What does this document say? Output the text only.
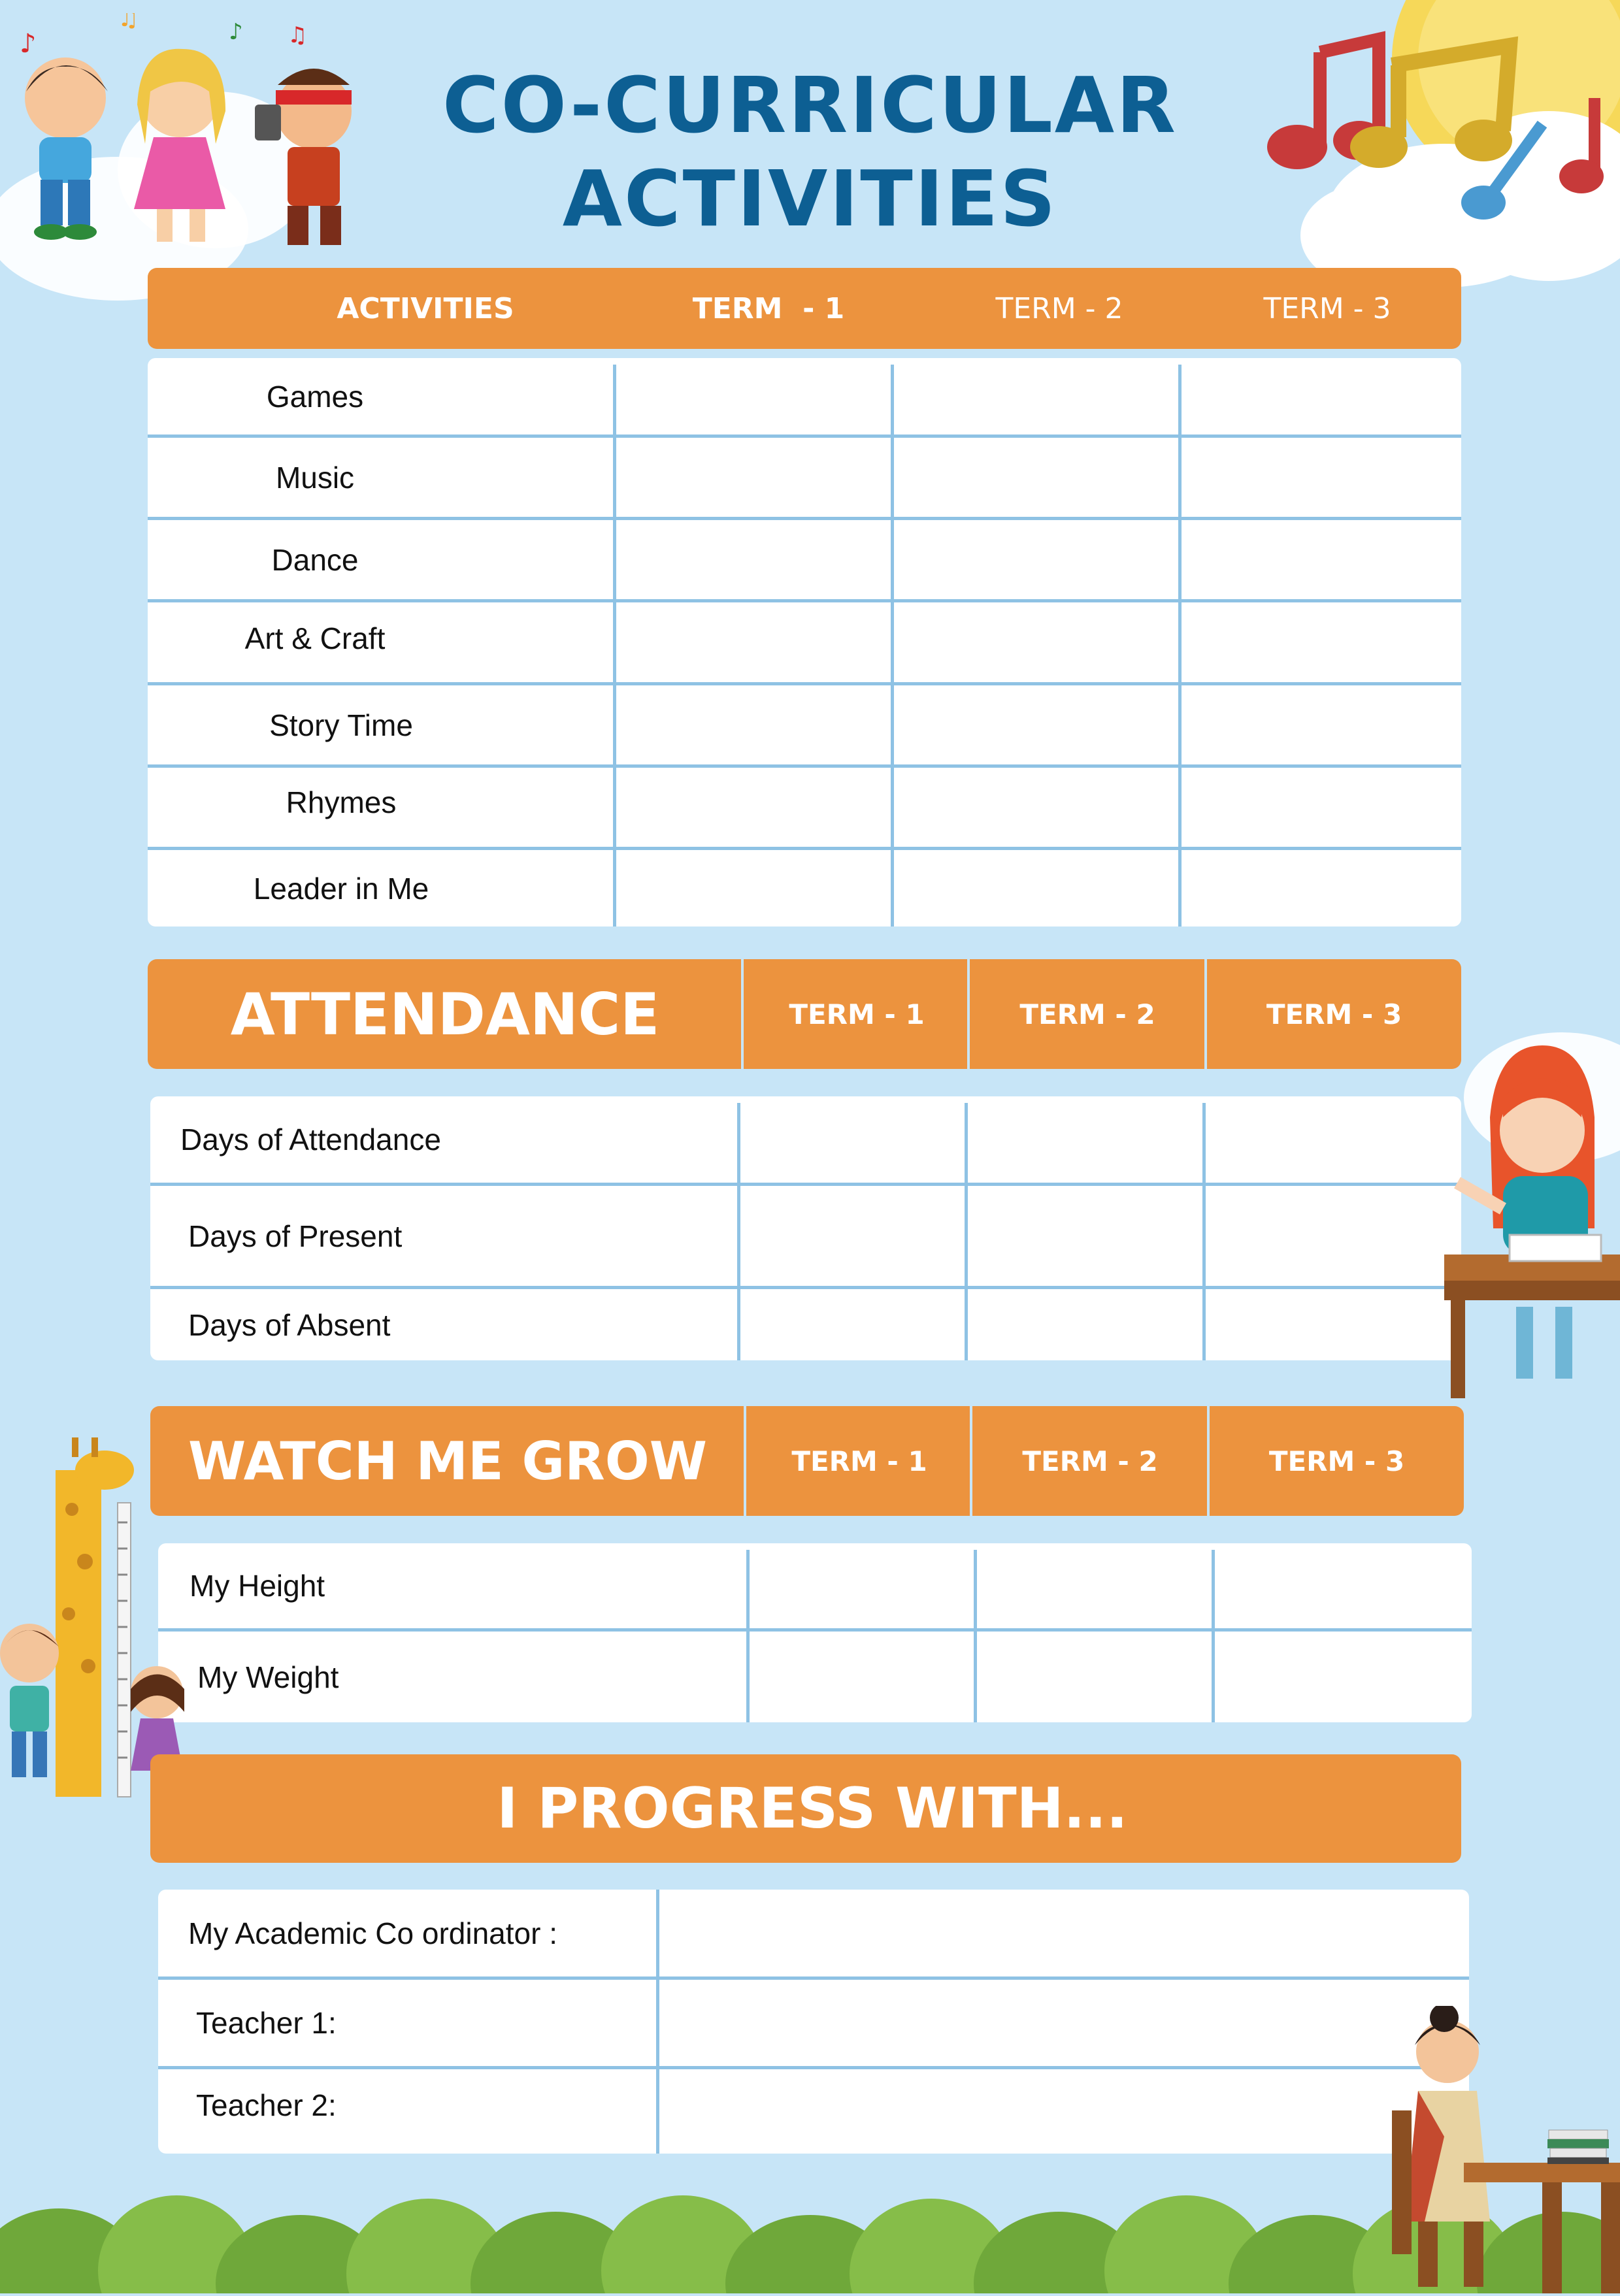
♪
♫	♪ ♫
CO-CURRICULAR
ACTIVITIES
ACTIVITIES	TERM  - 1	TERM - 2	TERM - 3
Games
Music
Dance
Art & Craft
Story Time
Rhymes
Leader in Me
ATTENDANCE	TERM - 1	TERM - 2	TERM - 3
Days of Attendance
Days of Present
Days of Absent
WATCH ME GROW	TERM - 1	TERM - 2	TERM - 3
My Height
My Weight
I PROGRESS WITH...
My Academic Co ordinator :
Teacher 1:
Teacher 2:
